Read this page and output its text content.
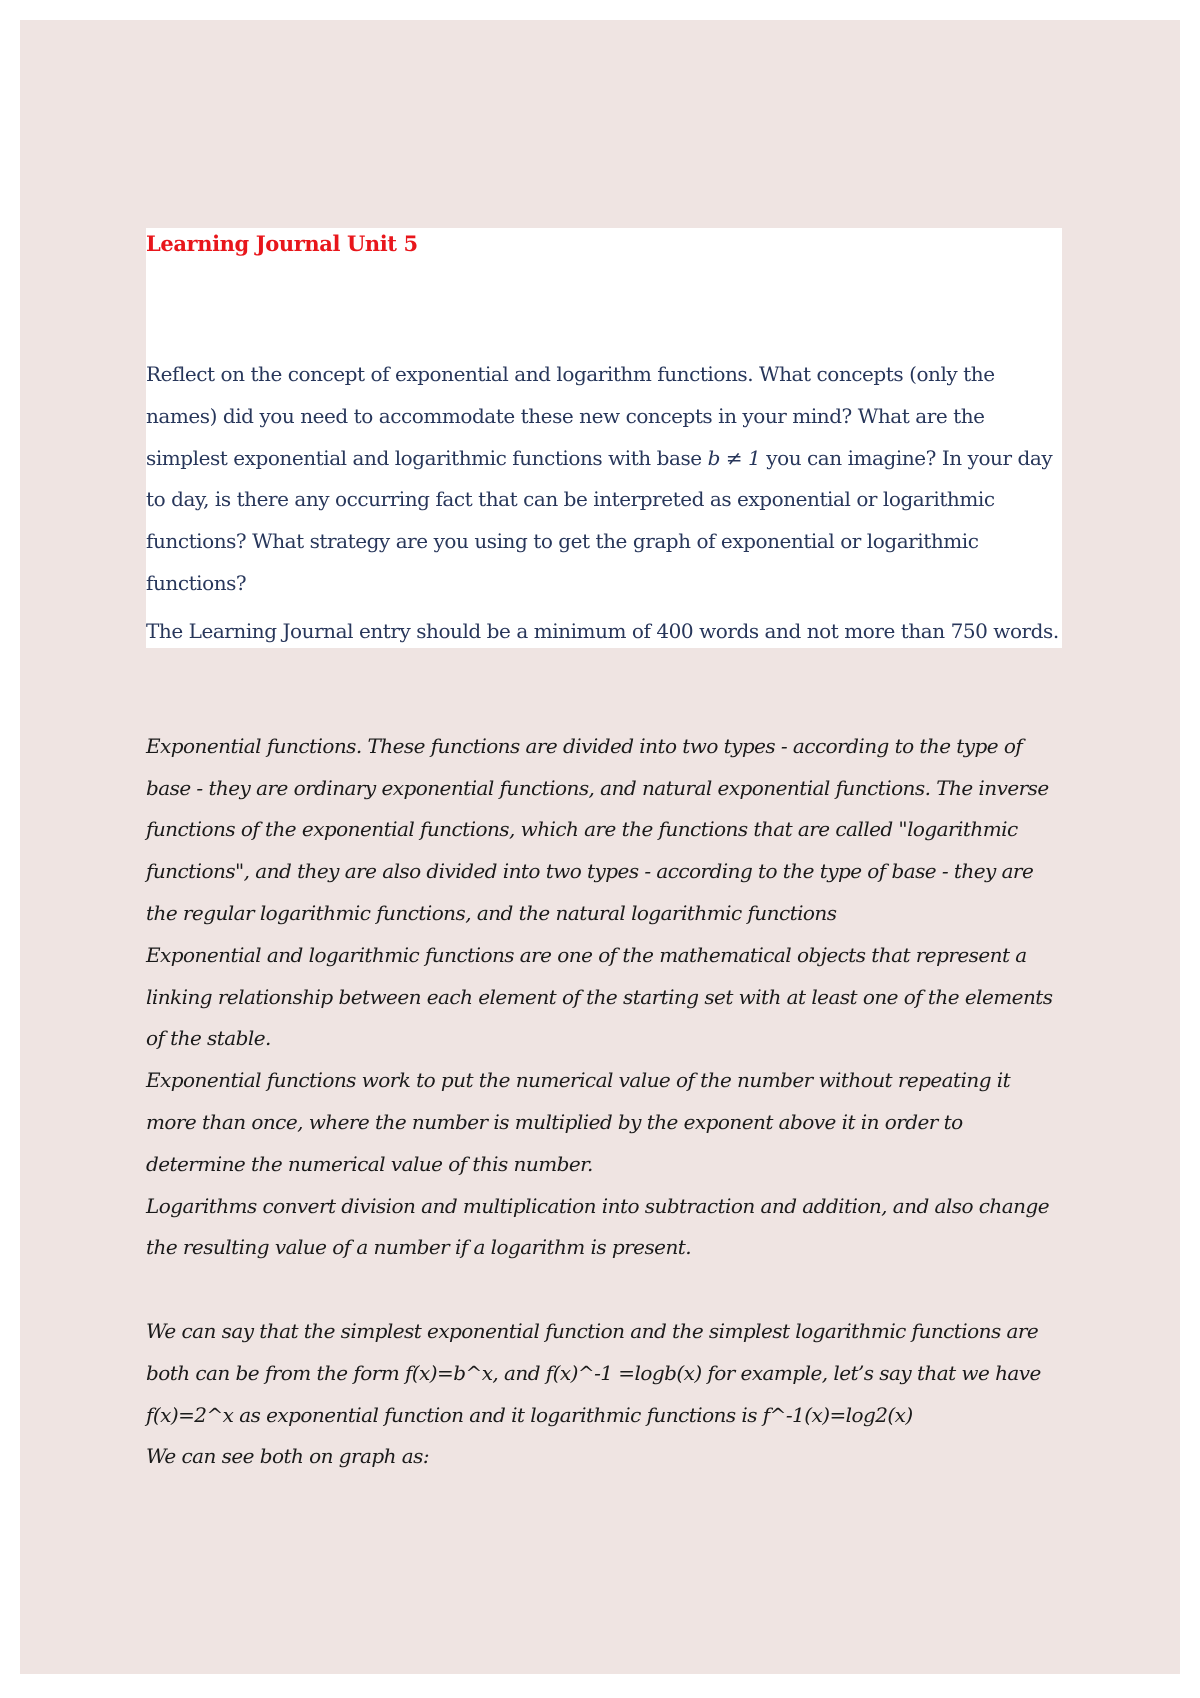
Learning Journal Unit 5
Reflect on the concept of exponential and logarithm functions. What concepts (only the names) did you need to accommodate these new concepts in your mind? What are the simplest exponential and logarithmic functions with base b ≠ 1 you can imagine? In your day to day, is there any occurring fact that can be interpreted as exponential or logarithmic functions? What strategy are you using to get the graph of exponential or logarithmic functions?
The Learning Journal entry should be a minimum of 400 words and not more than 750 words.

Exponential functions. These functions are divided into two types - according to the type of base - they are ordinary exponential functions, and natural exponential functions. The inverse functions of the exponential functions, which are the functions that are called "logarithmic functions", and they are also divided into two types - according to the type of base - they are the regular logarithmic functions, and the natural logarithmic functions

Exponential and logarithmic functions are one of the mathematical objects that represent a linking relationship between each element of the starting set with at least one of the elements of the stable.

Exponential functions work to put the numerical value of the number without repeating it more than once, where the number is multiplied by the exponent above it in order to determine the numerical value of this number.

Logarithms convert division and multiplication into subtraction and addition, and also change the resulting value of a number if a logarithm is present.

We can say that the simplest exponential function and the simplest logarithmic functions are both can be from the form f(x)=b^x, and f(x)^-1 =logb(x) for example, let’s say that we have f(x)=2^x as exponential function and it logarithmic functions is f^-1(x)=log2(x)

We can see both on graph as:
